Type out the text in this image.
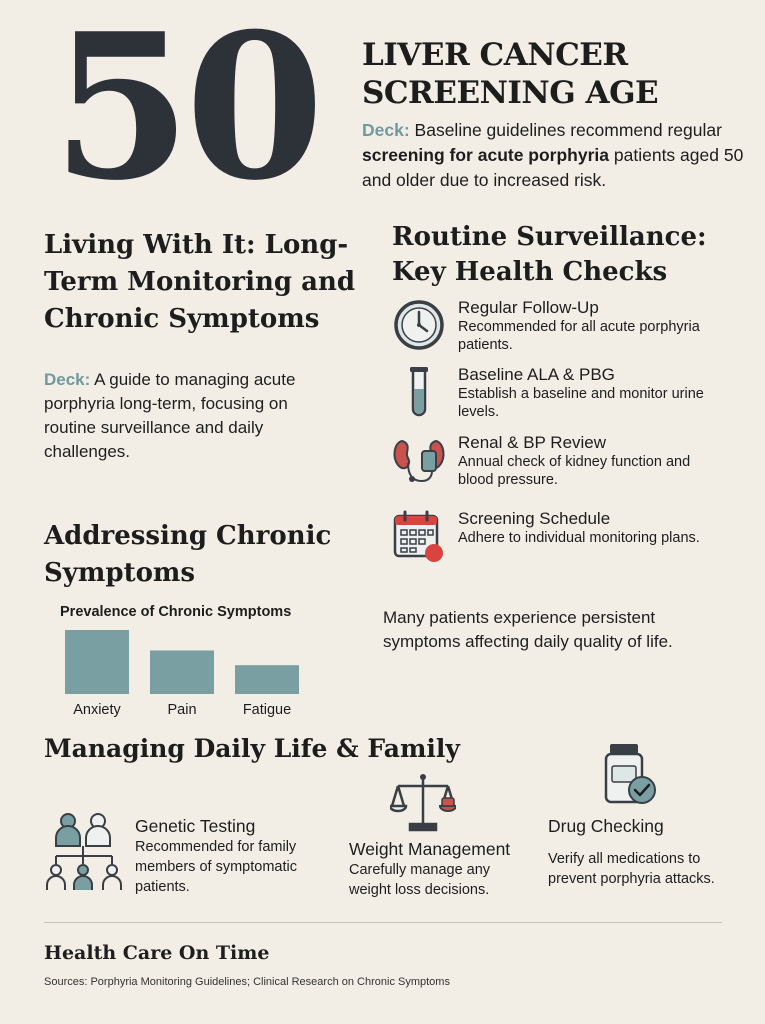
50 LIVER CANCER
SCREENING AGE
Deck: Baseline guidelines recommend regular screening for acute porphyria patients aged 50 and older due to increased risk.
Living With It: Long-Term Monitoring and Chronic Symptoms
Deck: A guide to managing acute porphyria long-term, focusing on routine surveillance and daily challenges.
Routine Surveillance: Key Health Checks
Regular Follow-Up
Recommended for all acute porphyria patients.
Baseline ALA & PBG
Establish a baseline and monitor urine levels.
Renal & BP Review
Annual check of kidney function and blood pressure.
Screening Schedule
Adhere to individual monitoring plans.
Addressing Chronic Symptoms
Prevalence of Chronic Symptoms
Anxiety	Pain	Fatigue
Many patients experience persistent symptoms affecting daily quality of life.
Managing Daily Life & Family
Genetic Testing
Recommended for family members of symptomatic patients.
Weight Management
Carefully manage any weight loss decisions.
Drug Checking
Verify all medications to prevent porphyria attacks.
Health Care On Time
Sources: Porphyria Monitoring Guidelines; Clinical Research on Chronic Symptoms
